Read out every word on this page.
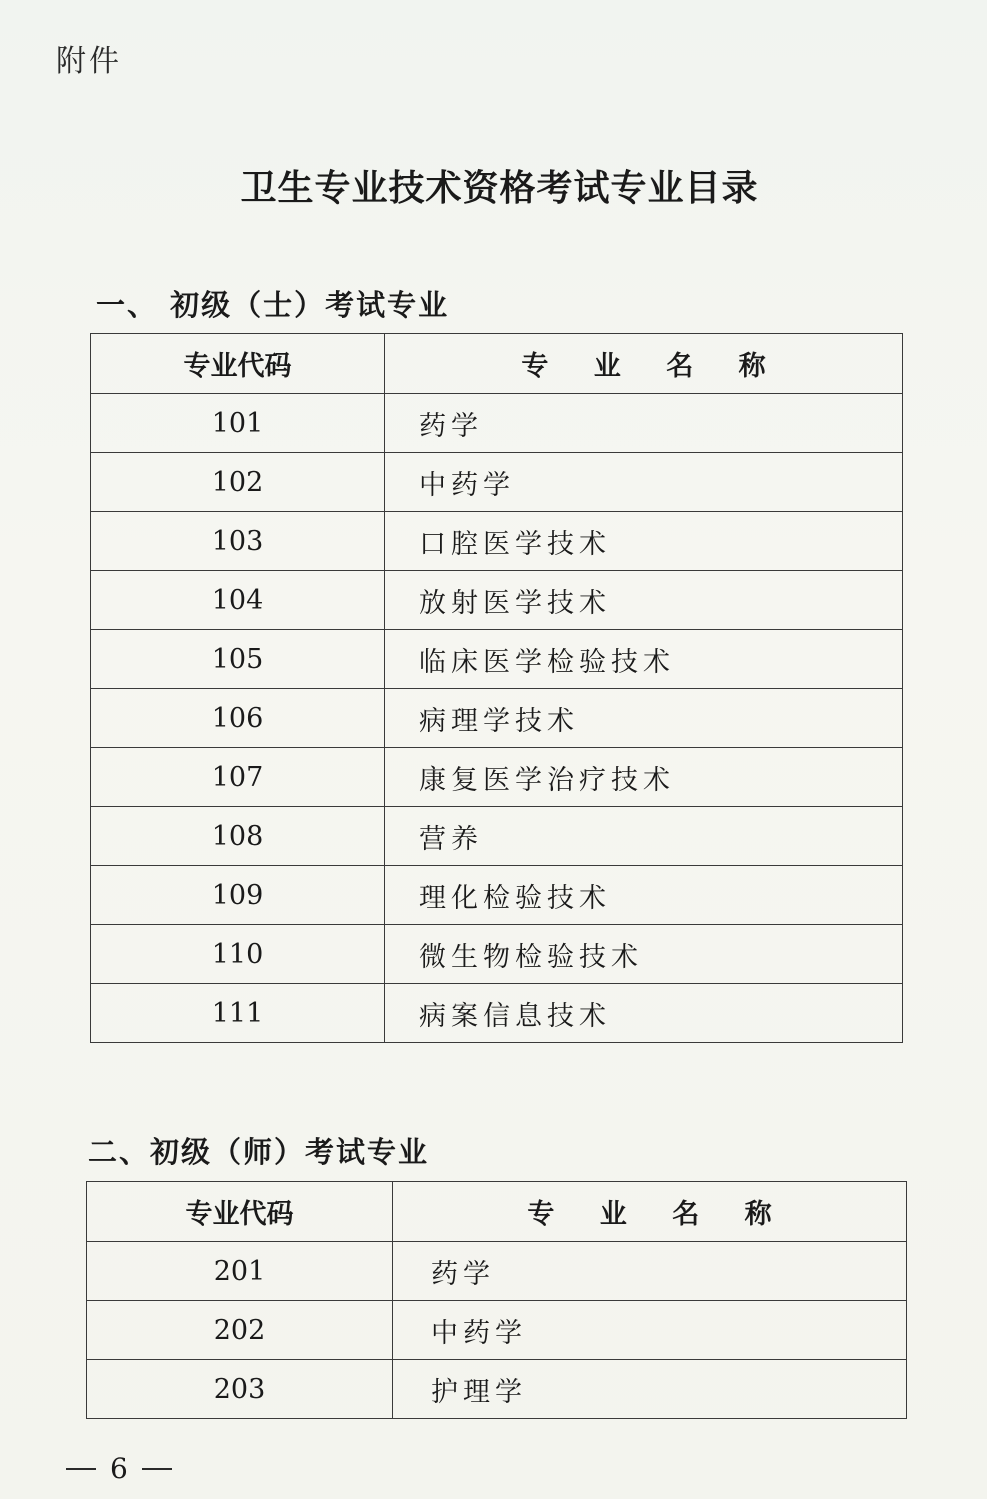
附件
卫生专业技术资格考试专业目录
一、 初级（士）考试专业
专业代码	专 业 名 称
101	药学
102	中药学
103	口腔医学技术
104	放射医学技术
105	临床医学检验技术
106	病理学技术
107	康复医学治疗技术
108	营养
109	理化检验技术
110	微生物检验技术
111	病案信息技术
二、初级（师）考试专业
专业代码	专 业 名 称
201	药学
202	中药学
203	护理学
6
